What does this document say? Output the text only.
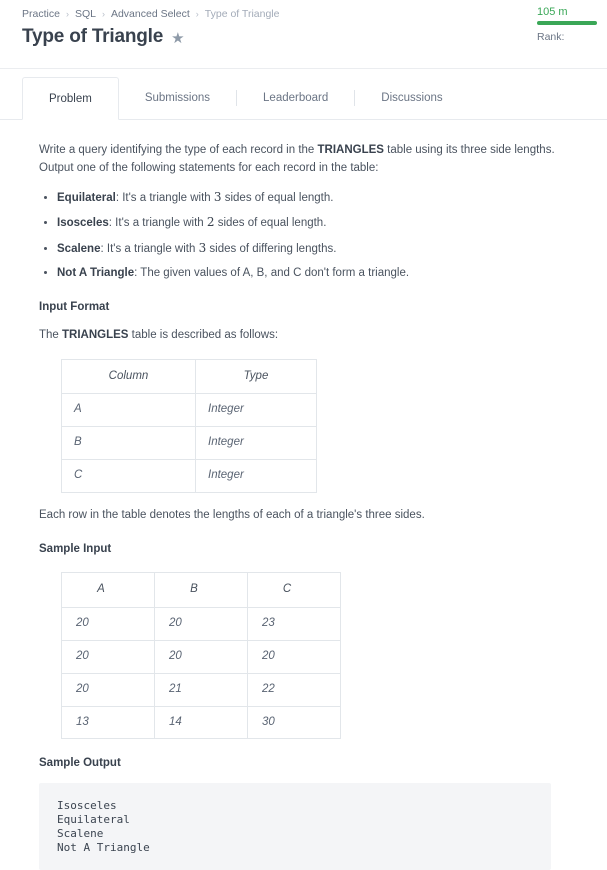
Practice › SQL › Advanced Select › Type of Triangle
Type of Triangle ★
105 m
Rank:
Problem	Submissions	Leaderboard	Discussions

Write a query identifying the type of each record in the TRIANGLES table using its three side lengths. Output one of the following statements for each record in the table:

• Equilateral: It's a triangle with 3 sides of equal length.
• Isosceles: It's a triangle with 2 sides of equal length.
• Scalene: It's a triangle with 3 sides of differing lengths.
• Not A Triangle: The given values of A, B, and C don't form a triangle.
Input Format

The TRIANGLES table is described as follows:

Column	Type
A	Integer
B	Integer
C	Integer

Each row in the table denotes the lengths of each of a triangle's three sides.

Sample Input
A	B	C
20	20	23
20	20	20
20	21	22
13	14	30
Sample Output
Isosceles
Equilateral
Scalene
Not A Triangle
